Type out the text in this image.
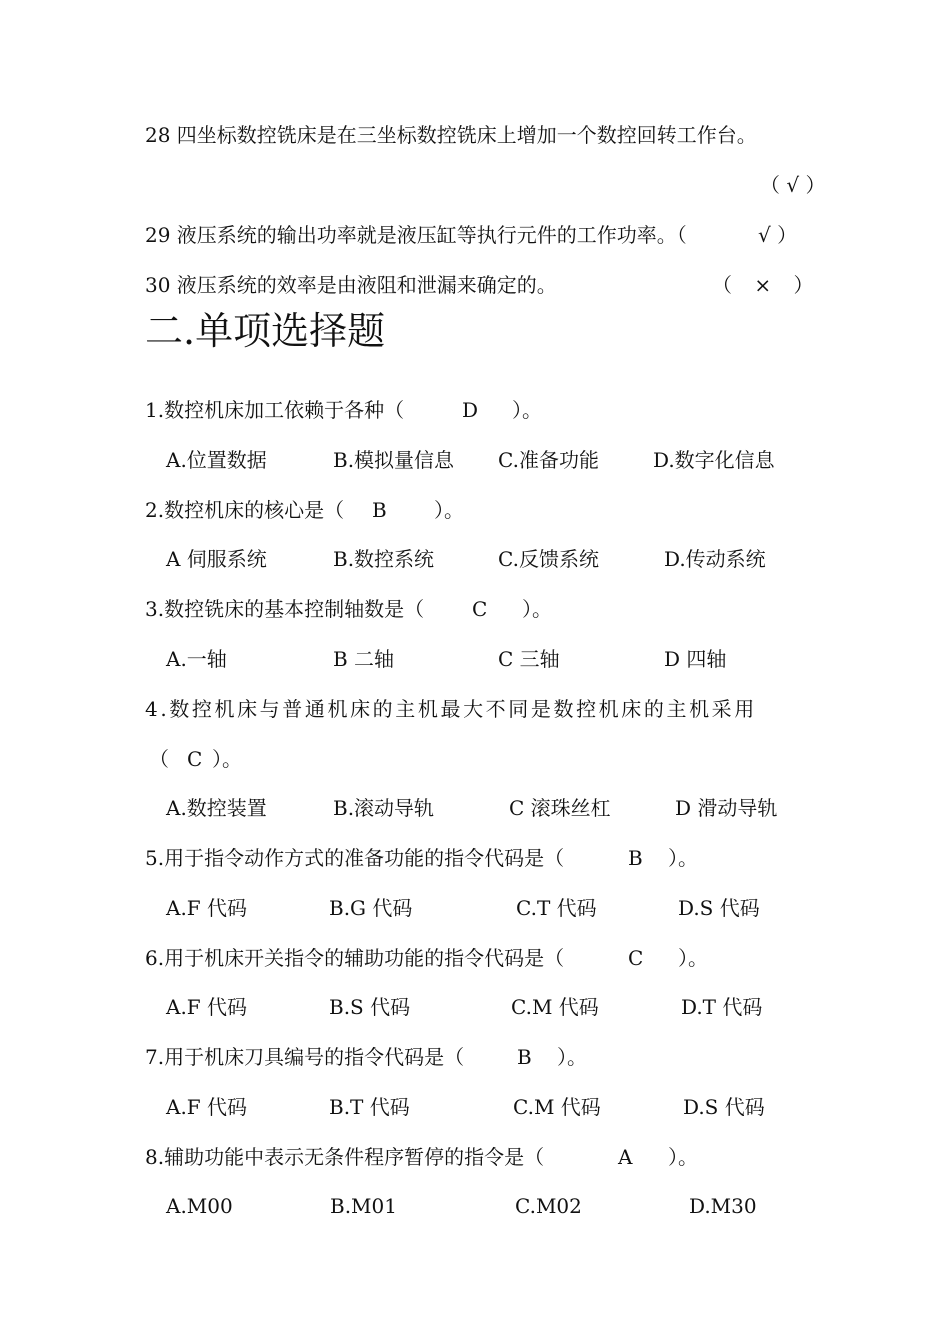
28 四坐标数控铣床是在三坐标数控铣床上增加一个数控回转工作台。
（ √ ）
29 液压系统的输出功率就是液压缸等执行元件的工作功率。（	√ ）
30 液压系统的效率是由液阻和泄漏来确定的。	（ × ）
二.单项选择题
1.数控机床加工依赖于各种（	D ）。
A.位置数据	B.模拟量信息 C.准备功能	D.数字化信息
2.数控机床的核心是（ B ）。
A 伺服系统	B.数控系统	C.反馈系统	D.传动系统
3.数控铣床的基本控制轴数是（ C ）。
A.一轴	B 二轴	C 三轴	D 四轴
4.数控机床与普通机床的主机最大不同是数控机床的主机采用
（ C ）。
A.数控装置	B.滚动导轨	C 滚珠丝杠	D 滑动导轨
5.用于指令动作方式的准备功能的指令代码是（	B ）。
A.F 代码	B.G 代码	C.T 代码	D.S 代码
6.用于机床开关指令的辅助功能的指令代码是（	C ）。
A.F 代码	B.S 代码	C.M 代码	D.T 代码
7.用于机床刀具编号的指令代码是（	B ）。
A.F 代码	B.T 代码	C.M 代码	D.S 代码
8.辅助功能中表示无条件程序暂停的指令是（	A ）。
A.M00	B.M01	C.M02	D.M30
